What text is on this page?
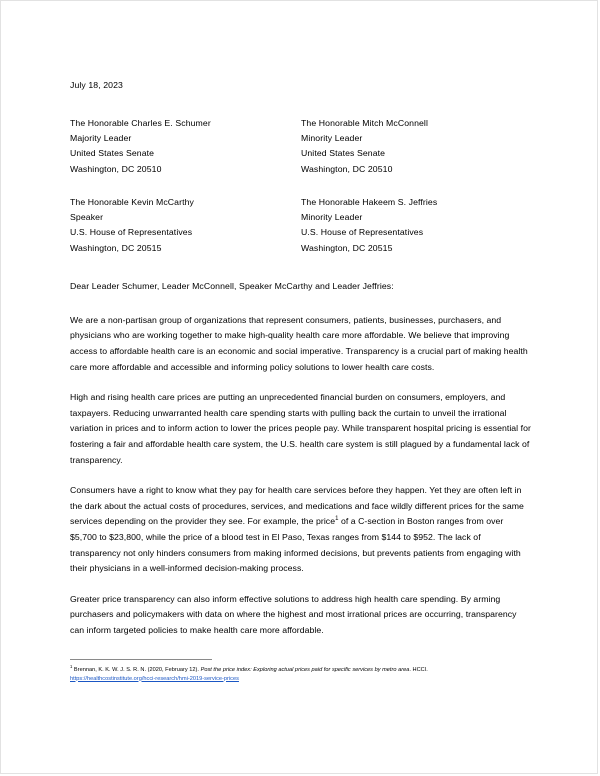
July 18, 2023
The Honorable Charles E. Schumer
Majority Leader
United States Senate
Washington, DC 20510
The Honorable Mitch McConnell
Minority Leader
United States Senate
Washington, DC 20510
The Honorable Kevin McCarthy
Speaker
U.S. House of Representatives
Washington, DC 20515
The Honorable Hakeem S. Jeffries
Minority Leader
U.S. House of Representatives
Washington, DC 20515
Dear Leader Schumer, Leader McConnell, Speaker McCarthy and Leader Jeffries:

We are a non-partisan group of organizations that represent consumers, patients, businesses, purchasers, and physicians who are working together to make high-quality health care more affordable. We believe that improving access to affordable health care is an economic and social imperative. Transparency is a crucial part of making health care more affordable and accessible and informing policy solutions to lower health care costs.

High and rising health care prices are putting an unprecedented financial burden on consumers, employers, and taxpayers. Reducing unwarranted health care spending starts with pulling back the curtain to unveil the irrational variation in prices and to inform action to lower the prices people pay. While transparent hospital pricing is essential for fostering a fair and affordable health care system, the U.S. health care system is still plagued by a fundamental lack of transparency.

Consumers have a right to know what they pay for health care services before they happen. Yet they are often left in the dark about the actual costs of procedures, services, and medications and face wildly different prices for the same services depending on the provider they see. For example, the price$^1$ of a C-section in Boston ranges from over $5,700 to $23,800, while the price of a blood test in El Paso, Texas ranges from $144 to $952. The lack of transparency not only hinders consumers from making informed decisions, but prevents patients from engaging with their physicians in a well-informed decision-making process.

Greater price transparency can also inform effective solutions to address high health care spending. By arming purchasers and policymakers with data on where the highest and most irrational prices are occurring, transparency can inform targeted policies to make health care more affordable.

$^1$ Brennan, K. K. W. J. S. R. N. (2020, February 12). Post the price index: Exploring actual prices paid for specific services by metro area. HCCI.
https://healthcostinstitute.org/hcci-research/hmi-2019-service-prices
